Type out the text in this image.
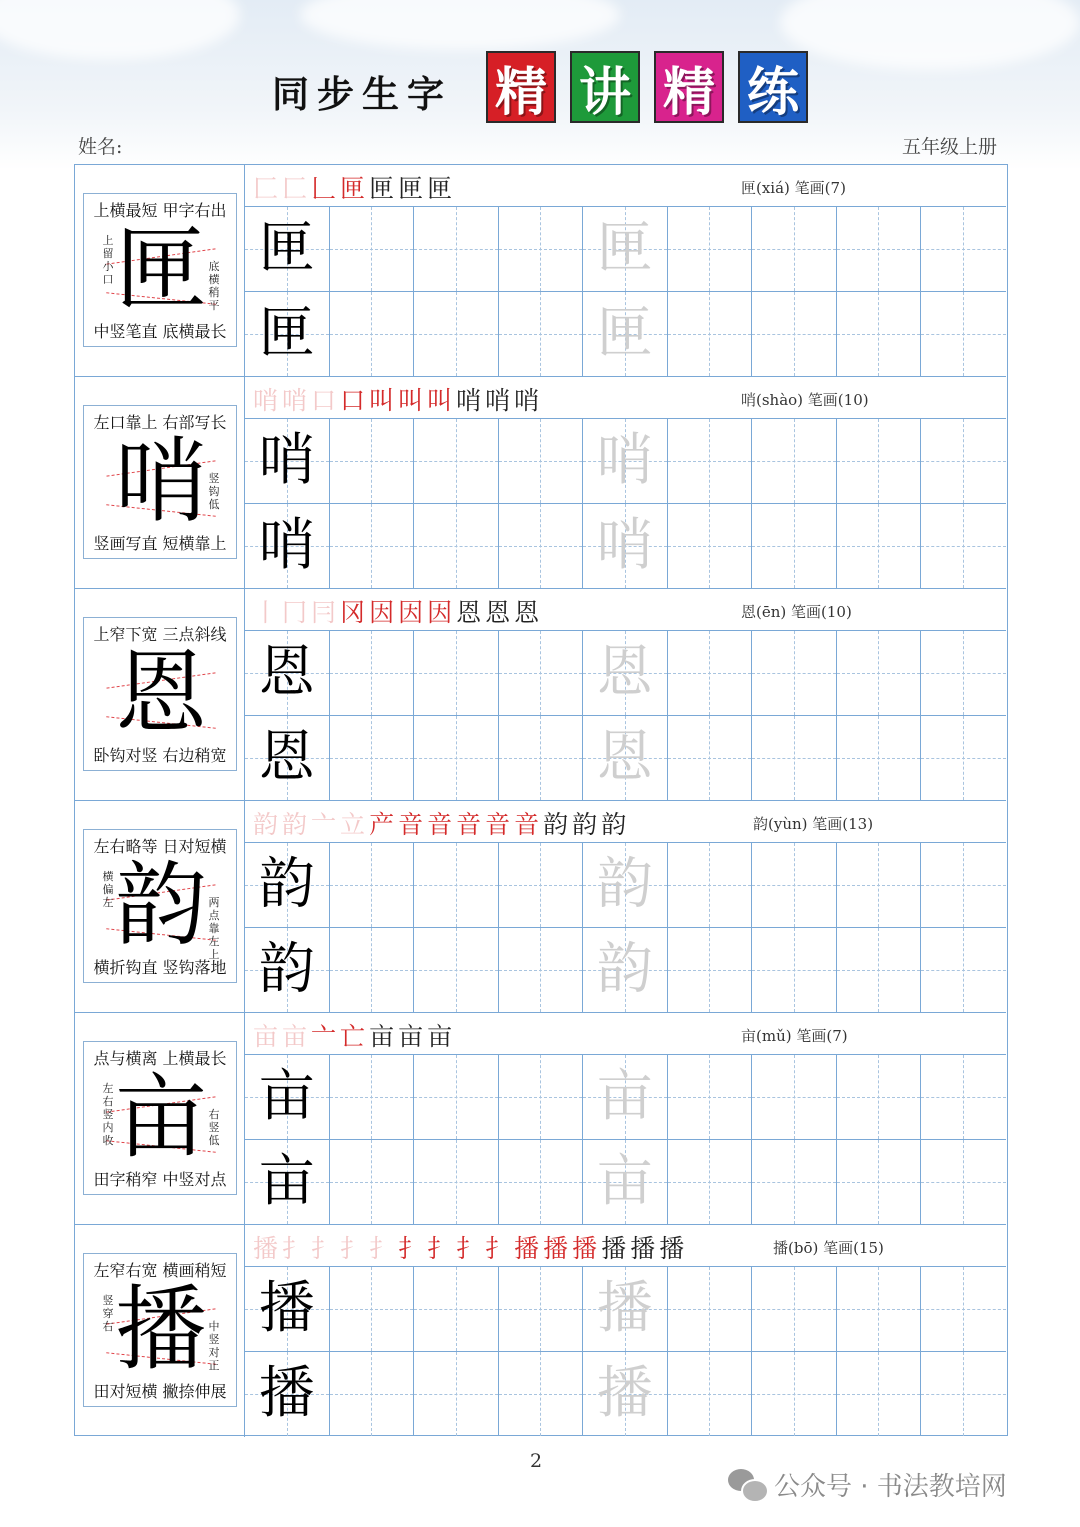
同步生字 精 讲 精 练
姓名:	五年级上册
上横最短 甲字右出
匣
上留小口
底横稍平
中竖笔直 底横最长
匚匚𠃊匣匣匣匣	匣(xiá) 笔画(7)
匣	匣
匣	匣
左口靠上 右部写长
哨 竖钩低
竖画写直 短横靠上
哨哨口口叫叫叫哨哨哨	哨(shào) 笔画(10)
哨	哨
哨	哨
上窄下宽 三点斜线
恩
卧钩对竖 右边稍宽
丨冂冃冈因因因恩恩恩	恩(ēn) 笔画(10)
恩	恩
恩	恩
左右略等 日对短横
韵
横偏左	两点靠左上
横折钩直 竖钩落地
韵韵亠立产音音音音音韵韵韵	韵(yùn) 笔画(13)
韵	韵
韵	韵
点与横离 上横最长
亩
左右竖内收
右竖低
田字稍窄 中竖对点
亩亩亠亡亩亩亩	亩(mǔ) 笔画(7)
亩	亩
亩	亩
左窄右宽 横画稍短
播
竖穿右	中竖对正
田对短横 撇捺伸展
播扌扌扌扌扌扌扌扌播播播播播播	播(bō) 笔画(15)
播	播
播	播
2
公众号 · 书法教培网
